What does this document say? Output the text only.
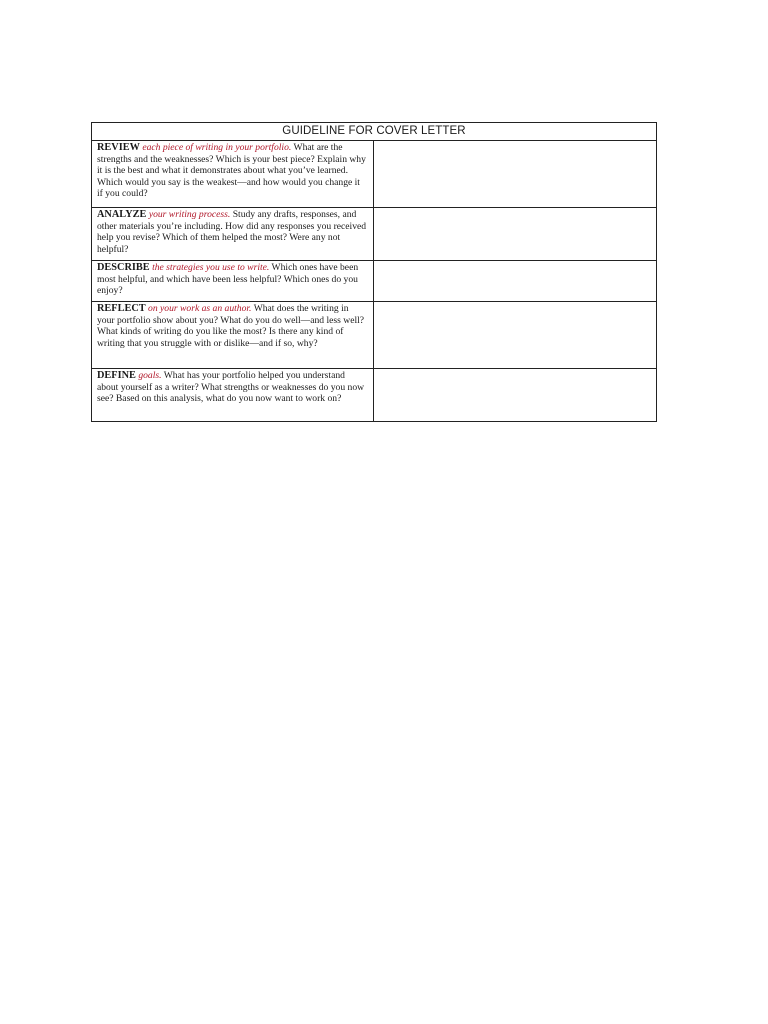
GUIDELINE FOR COVER LETTER	
REVIEW each piece of writing in your portfolio. What are the strengths and the weaknesses? Which is your best piece? Explain why it is the best and what it demonstrates about what you’ve learned. Which would you say is the weakest—and how would you change it if you could?	
ANALYZE your writing process. Study any drafts, responses, and other materials you’re including. How did any responses you received help you revise? Which of them helped the most? Were any not helpful?	
DESCRIBE the strategies you use to write. Which ones have been most helpful, and which have been less helpful? Which ones do you enjoy?	
REFLECT on your work as an author. What does the writing in your portfolio show about you? What do you do well—and less well? What kinds of writing do you like the most? Is there any kind of writing that you struggle with or dislike—and if so, why?	
DEFINE goals. What has your portfolio helped you understand about yourself as a writer? What strengths or weaknesses do you now see? Based on this analysis, what do you now want to work on?	
